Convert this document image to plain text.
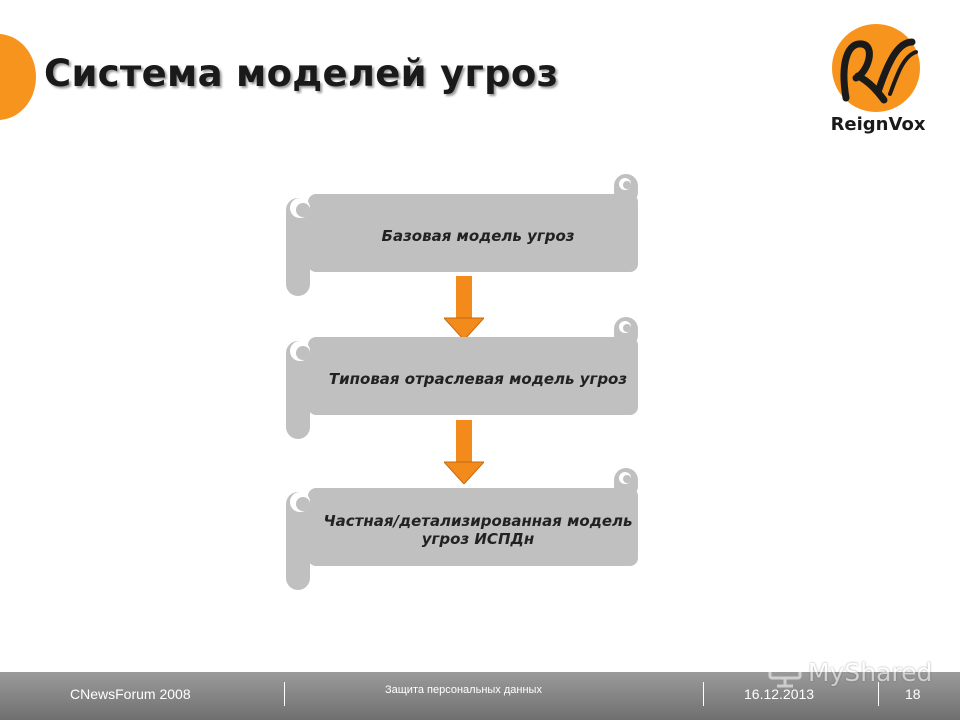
Система моделей угроз
ReignVox
Базовая модель угроз
Типовая отраслевая модель угроз
Частная/детализированная модель угроз ИСПДн
CNewsForum 2008	Защита персональных данных	16.12.2013	18
MyShared
